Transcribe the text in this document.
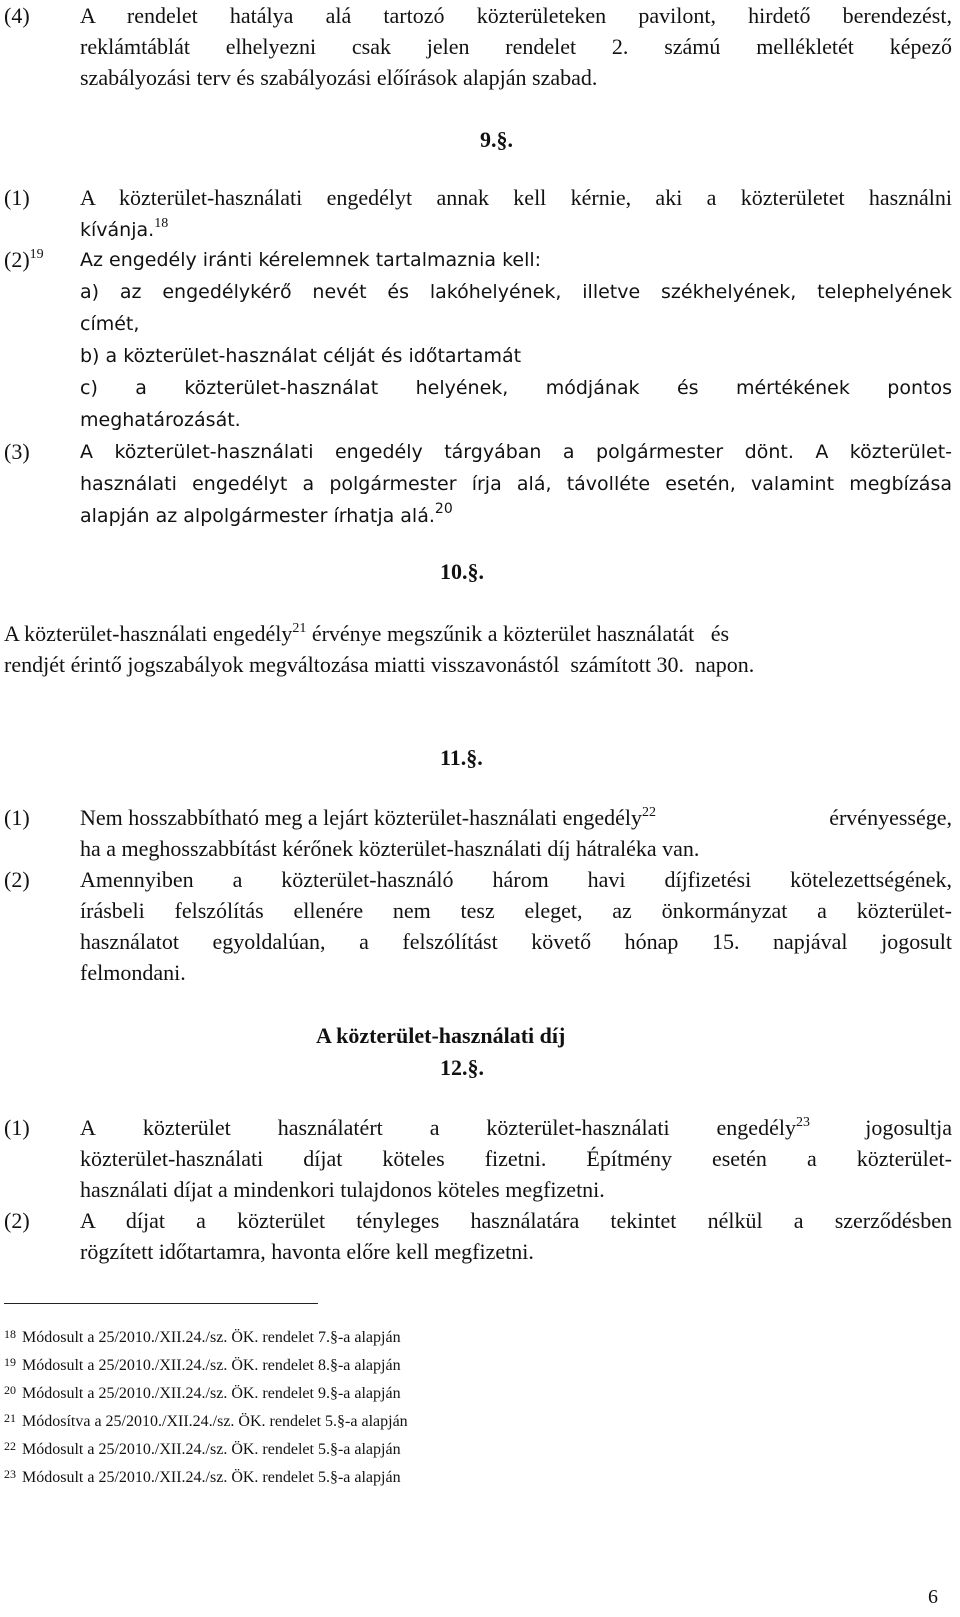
(4) A rendelet hatálya alá tartozó közterületeken pavilont, hirdető berendezést,
reklámtáblát elhelyezni csak jelen rendelet 2. számú mellékletét képező
szabályozási terv és szabályozási előírások alapján szabad.
9.§.
(1) A közterület-használati engedélyt annak kell kérnie, aki a közterületet használni
kívánja.$^{18}$
$(2)^{19}$ Az engedély iránti kérelemnek tartalmaznia kell:
a) az engedélykérő nevét és lakóhelyének, illetve székhelyének, telephelyének
címét,
b) a közterület-használat célját és időtartamát
c) a közterület-használat helyének, módjának és mértékének pontos
meghatározását.
(3)	A közterület-használati engedély tárgyában a polgármester dönt. A közterület-
használati engedélyt a polgármester írja alá, távolléte esetén, valamint megbízása
alapján az alpolgármester írhatja alá.$^{20}$
10.§.
A közterület-használati engedély$^{21}$ érvénye megszűnik a közterület használatát   és
rendjét érintő jogszabályok megváltozása miatti visszavonástól  számított 30.  napon.
11.§.
(1) Nem hosszabbítható meg a lejárt közterület-használati engedély$^{22}$	érvényessége,
ha a meghosszabbítást kérőnek közterület-használati díj hátraléka van.
(2) Amennyiben a közterület-használó három havi díjfizetési kötelezettségének,
írásbeli felszólítás ellenére nem tesz eleget, az önkormányzat a közterület-
használatot egyoldalúan, a felszólítást követő hónap 15. napjával jogosult
felmondani.
A közterület-használati díj
12.§.
(1) A közterület használatért a közterület-használati engedély$^{23}$	jogosultja
közterület-használati díjat köteles fizetni. Építmény esetén a közterület-
használati díjat a mindenkori tulajdonos köteles megfizetni.
(2) A díjat a közterület tényleges használatára tekintet nélkül a szerződésben
rögzített időtartamra, havonta előre kell megfizetni.
$^{18}$ Módosult a 25/2010./XII.24./sz. ÖK. rendelet 7.§-a alapján
$^{19}$ Módosult a 25/2010./XII.24./sz. ÖK. rendelet 8.§-a alapján
$^{20}$ Módosult a 25/2010./XII.24./sz. ÖK. rendelet 9.§-a alapján
$^{21}$ Módosítva a 25/2010./XII.24./sz. ÖK. rendelet 5.§-a alapján
$^{22}$ Módosult a 25/2010./XII.24./sz. ÖK. rendelet 5.§-a alapján
$^{23}$ Módosult a 25/2010./XII.24./sz. ÖK. rendelet 5.§-a alapján
6
